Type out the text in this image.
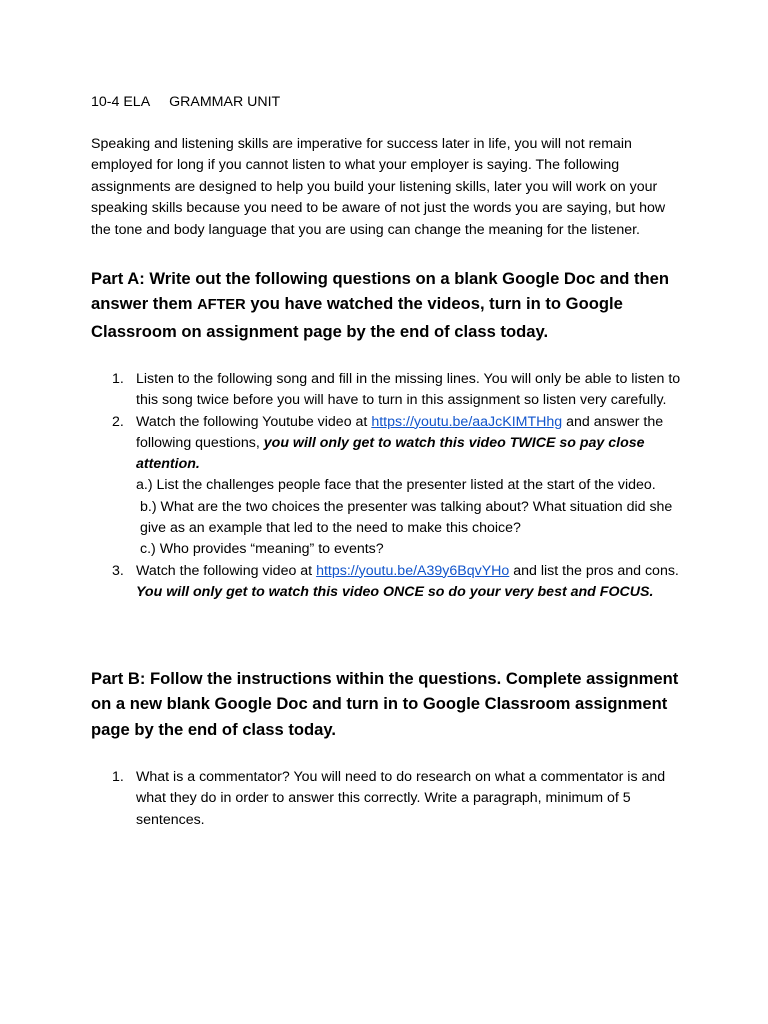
10-4 ELA GRAMMAR UNIT

Speaking and listening skills are imperative for success later in life, you will not remain employed for long if you cannot listen to what your employer is saying. The following assignments are designed to help you build your listening skills, later you will work on your speaking skills because you need to be aware of not just the words you are saying, but how the tone and body language that you are using can change the meaning for the listener.

Part A: Write out the following questions on a blank Google Doc and then answer them AFTER you have watched the videos, turn in to Google Classroom on assignment page by the end of class today.
1. Listen to the following song and fill in the missing lines. You will only be able to listen to this song twice before you will have to turn in this assignment so listen very carefully.
2. Watch the following Youtube video at https://youtu.be/aaJcKIMTHhg and answer the following questions, you will only get to watch this video TWICE so pay close attention.
a.) List the challenges people face that the presenter listed at the start of the video.
b.) What are the two choices the presenter was talking about? What situation did she give as an example that led to the need to make this choice?
c.) Who provides “meaning” to events?
3. Watch the following video at https://youtu.be/A39y6BqvYHo and list the pros and cons. You will only get to watch this video ONCE so do your very best and FOCUS.
Part B: Follow the instructions within the questions. Complete assignment on a new blank Google Doc and turn in to Google Classroom assignment page by the end of class today.
1. What is a commentator? You will need to do research on what a commentator is and what they do in order to answer this correctly. Write a paragraph, minimum of 5 sentences.
